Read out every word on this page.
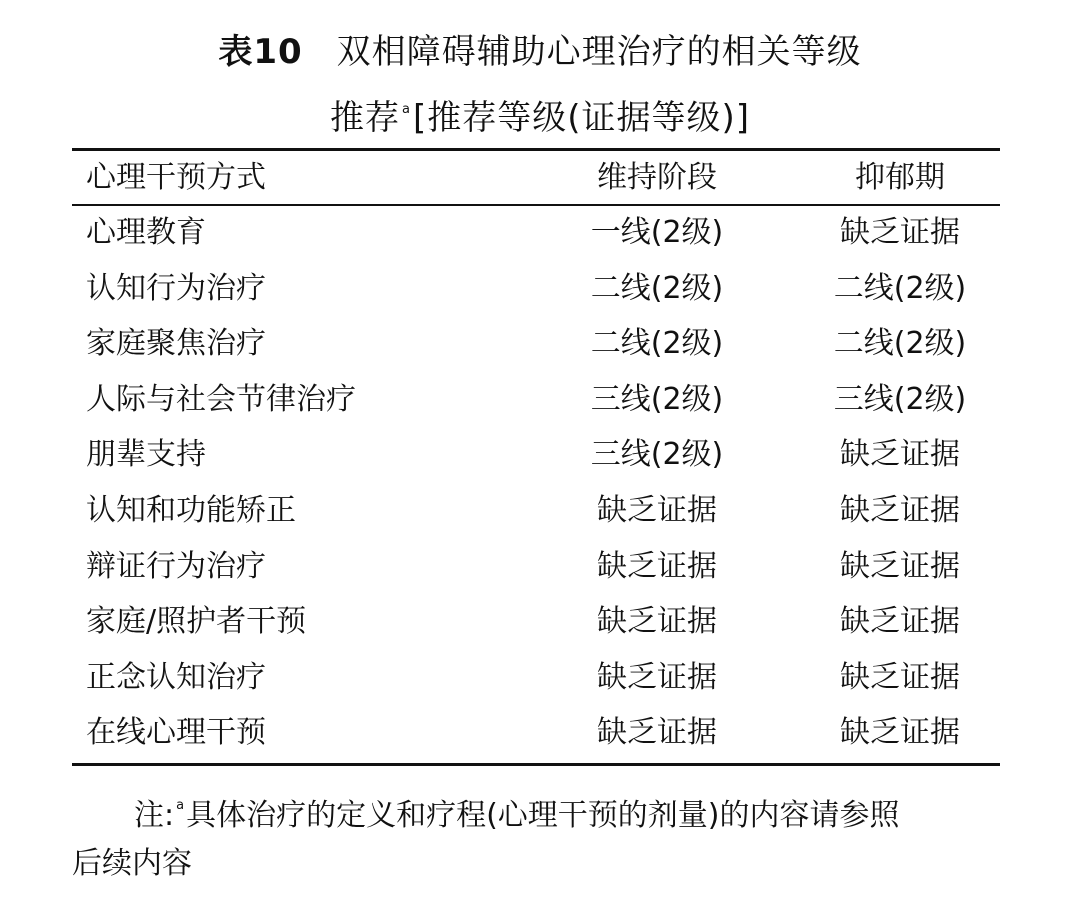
表10 双相障碍辅助心理治疗的相关等级
推荐 $^a$[推荐等级(证据等级)]
心理干预方式	维持阶段	抑郁期
心理教育	一线(2级)	缺乏证据
认知行为治疗	二线(2级)	二线(2级)
家庭聚焦治疗	二线(2级)	二线(2级)
人际与社会节律治疗	三线(2级)	三线(2级)
朋辈支持	三线(2级)	缺乏证据
认知和功能矫正	缺乏证据	缺乏证据
辩证行为治疗	缺乏证据	缺乏证据
家庭/照护者干预	缺乏证据	缺乏证据
正念认知治疗	缺乏证据	缺乏证据
在线心理干预	缺乏证据	缺乏证据
注: $^a$具体治疗的定义和疗程(心理干预的剂量)的内容请参照
后续内容
